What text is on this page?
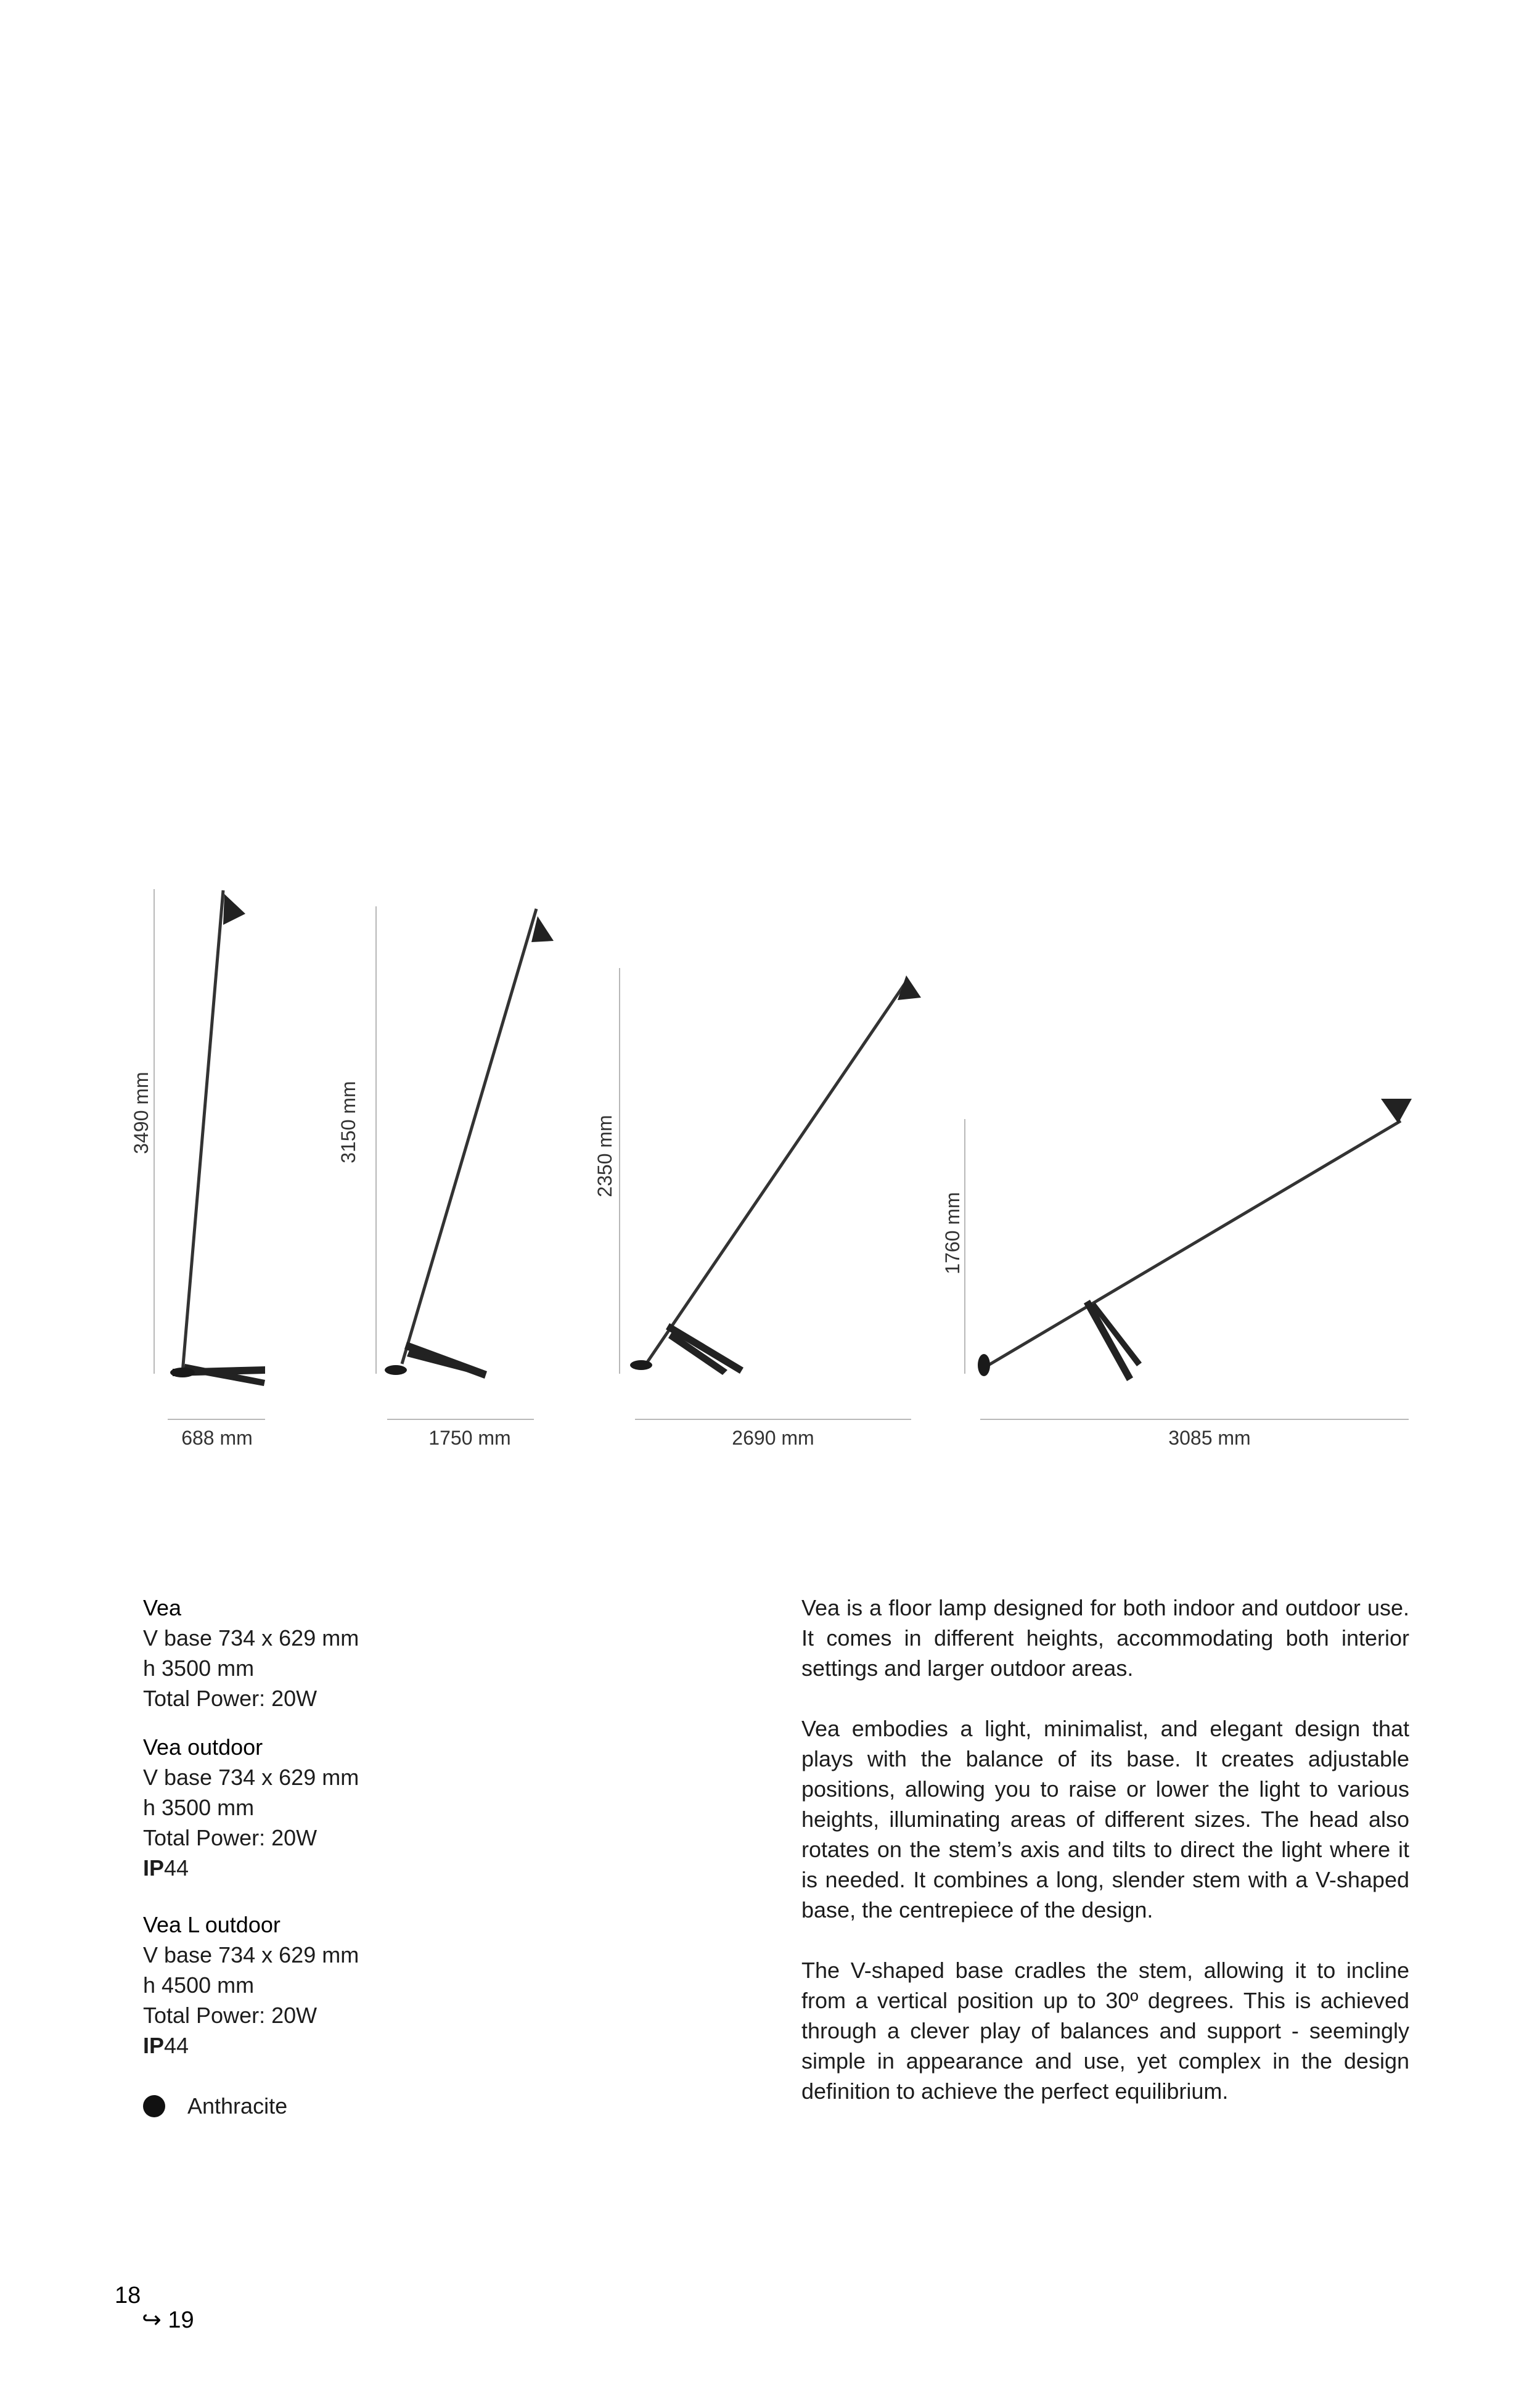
3490 mm
688 mm
3150 mm
1750 mm
2350 mm
2690 mm
1760 mm
3085 mm
Vea
V base 734 x 629 mm
h 3500 mm
Total Power: 20W
Vea outdoor
V base 734 x 629 mm
h 3500 mm
Total Power: 20W
IP44
Vea L outdoor
V base 734 x 629 mm
h 4500 mm
Total Power: 20W
IP44
Anthracite

Vea is a floor lamp designed for both indoor and outdoor use. It comes in different heights, accommodating both interior settings and larger outdoor areas.

Vea embodies a light, minimalist, and elegant design that plays with the balance of its base. It creates adjustable positions, allowing you to raise or lower the light to various heights, illuminating areas of different sizes. The head also rotates on the stem’s axis and tilts to direct the light where it is needed. It combines a long, slender stem with a V-shaped base, the centrepiece of the design.

The V-shaped base cradles the stem, allowing it to incline from a vertical position up to 30º degrees. This is achieved through a clever play of balances and support - seemingly simple in appearance and use, yet complex in the design definition to achieve the perfect equilibrium.

18
↪ 19
